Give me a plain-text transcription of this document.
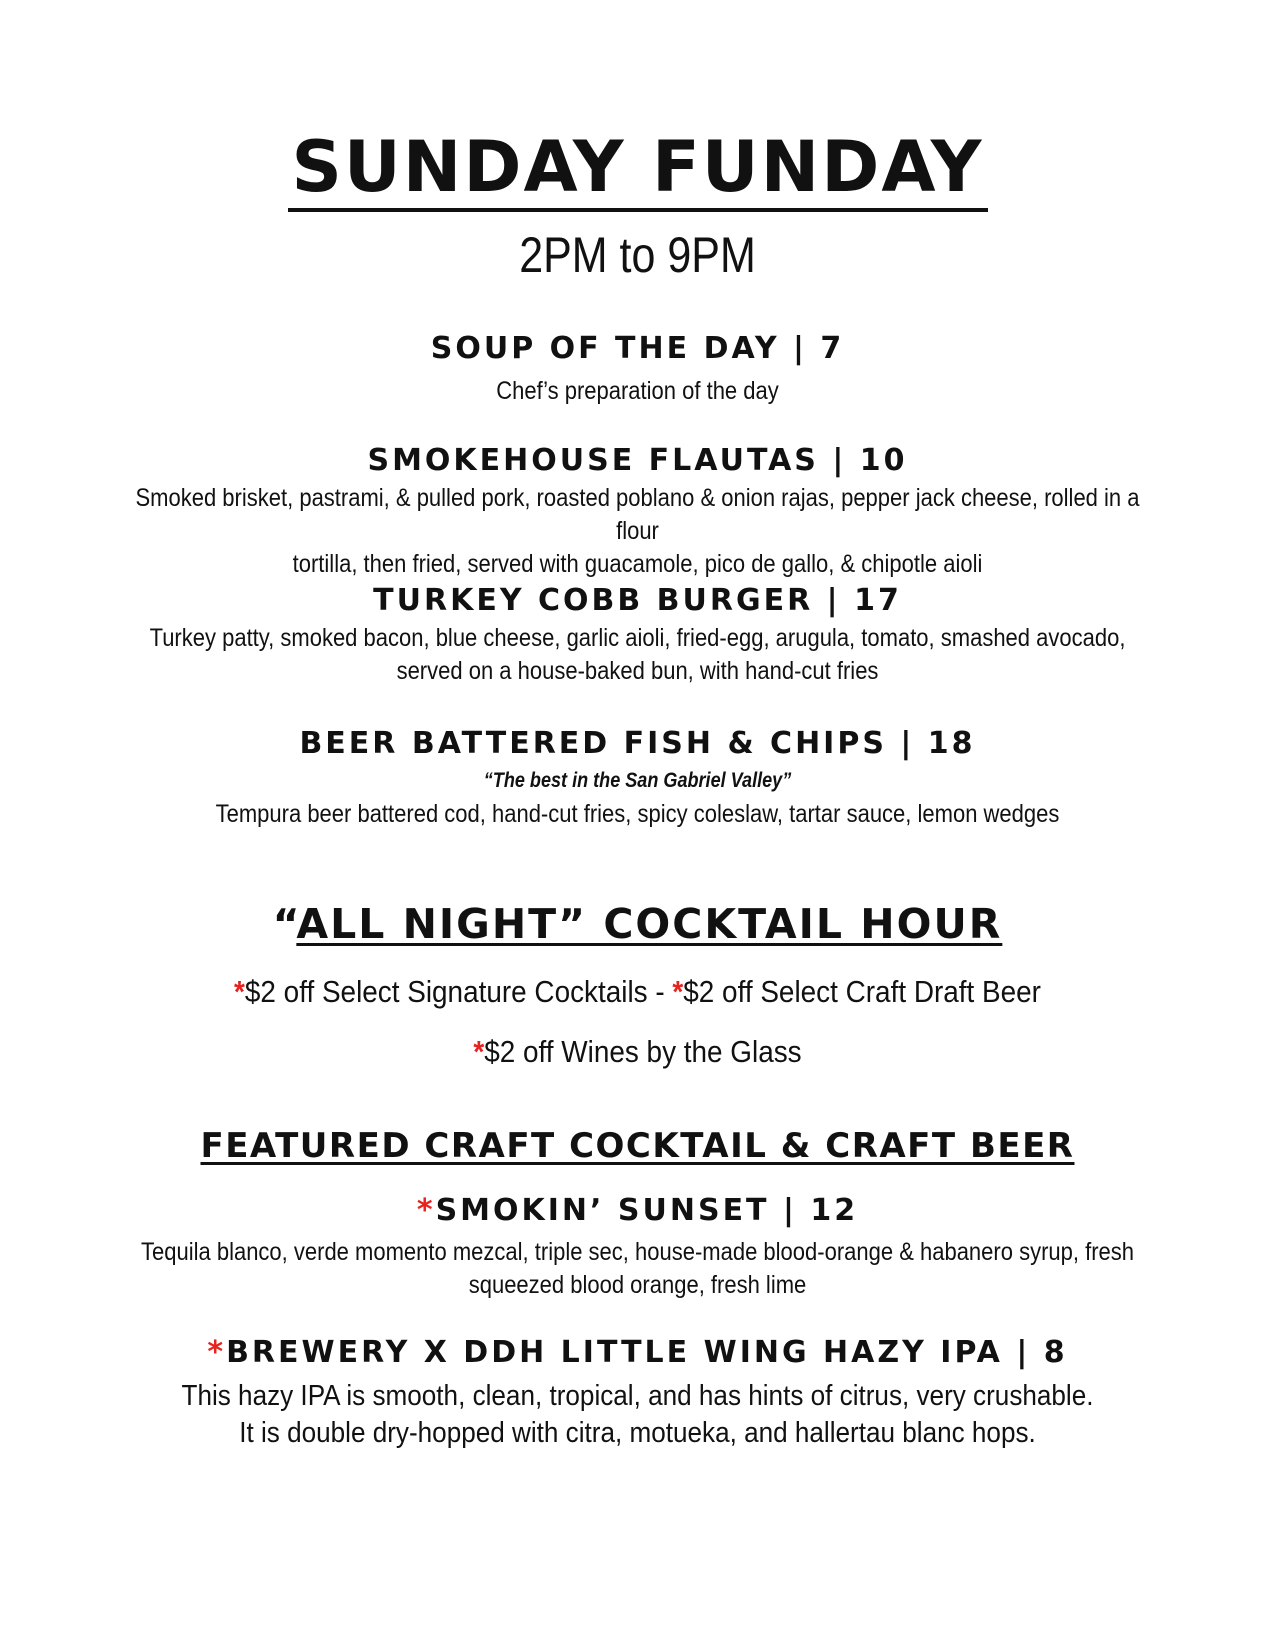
SUNDAY FUNDAY
2PM to 9PM
SOUP OF THE DAY | 7
Chef’s preparation of the day
SMOKEHOUSE FLAUTAS | 10
Smoked brisket, pastrami, & pulled pork, roasted poblano & onion rajas, pepper jack cheese, rolled in a flour
tortilla, then fried, served with guacamole, pico de gallo, & chipotle aioli
TURKEY COBB BURGER | 17
Turkey patty, smoked bacon, blue cheese, garlic aioli, fried-egg, arugula, tomato, smashed avocado,
served on a house-baked bun, with hand-cut fries
BEER BATTERED FISH & CHIPS | 18
“The best in the San Gabriel Valley”
Tempura beer battered cod, hand-cut fries, spicy coleslaw, tartar sauce, lemon wedges
“ALL NIGHT” COCKTAIL HOUR
*$2 off Select Signature Cocktails - *$2 off Select Craft Draft Beer
*$2 off Wines by the Glass
FEATURED CRAFT COCKTAIL & CRAFT BEER
*SMOKIN’ SUNSET | 12
Tequila blanco, verde momento mezcal, triple sec, house-made blood-orange & habanero syrup, fresh
squeezed blood orange, fresh lime
*BREWERY X DDH LITTLE WING HAZY IPA | 8
This hazy IPA is smooth, clean, tropical, and has hints of citrus, very crushable.
It is double dry-hopped with citra, motueka, and hallertau blanc hops.
